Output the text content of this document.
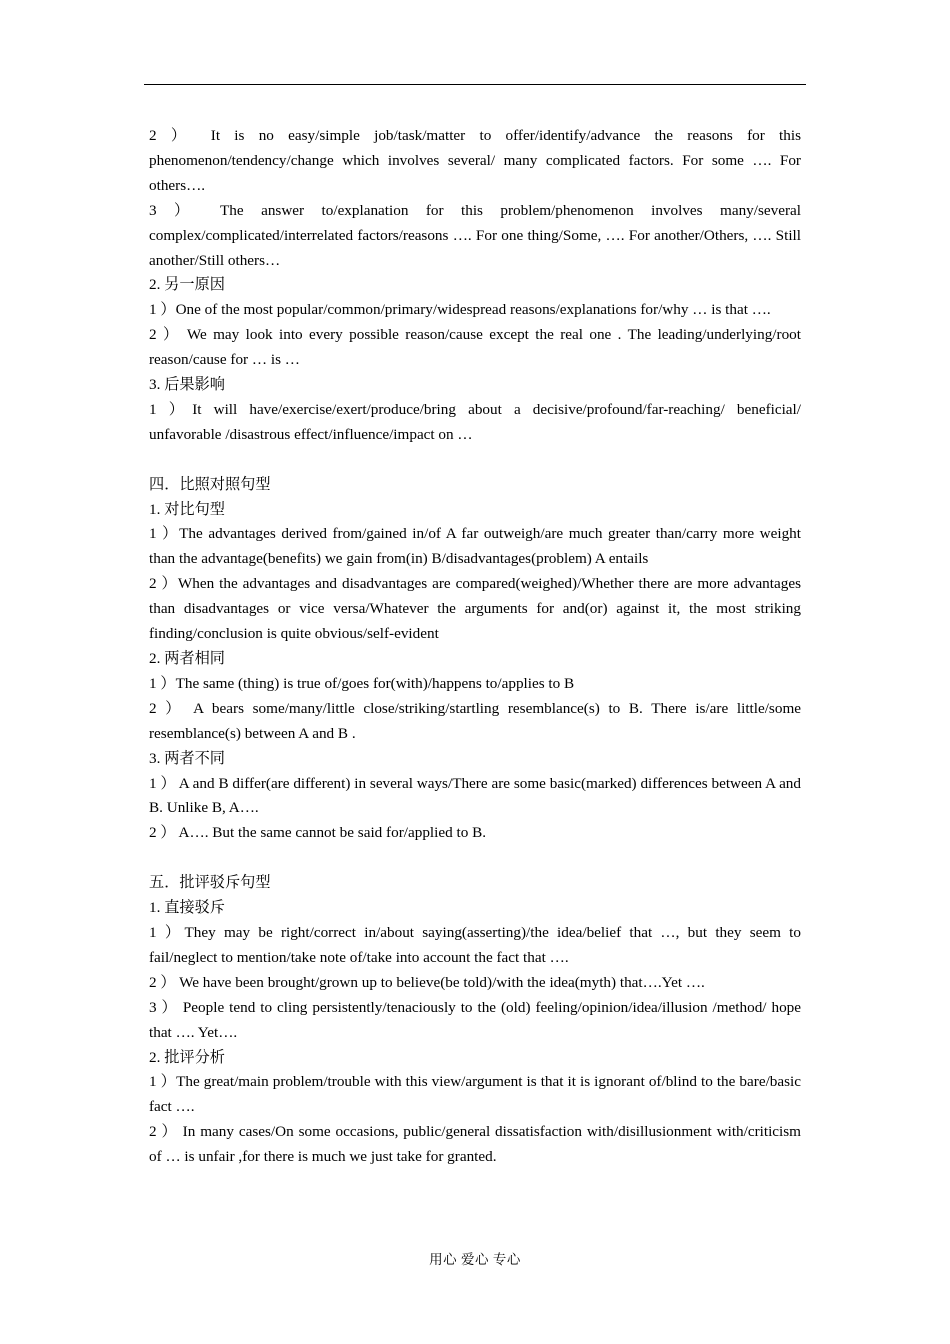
2 ） It is no easy/simple job/task/matter to offer/identify/advance the reasons for this phenomenon/tendency/change which involves several/ many complicated factors. For some …. For others….

3 ） The answer to/explanation for this problem/phenomenon involves many/several complex/complicated/interrelated factors/reasons …. For one thing/Some, …. For another/Others, …. Still another/Still others…

2. 另一原因

1 ）One of the most popular/common/primary/widespread reasons/explanations for/why … is that ….

2 ） We may look into every possible reason/cause except the real one . The leading/underlying/root reason/cause for … is …

3. 后果影响

1 ）It will have/exercise/exert/produce/bring about a decisive/profound/far-reaching/ beneficial/ unfavorable /disastrous effect/influence/impact on …

四．比照对照句型

1. 对比句型

1 ）The advantages derived from/gained in/of A far outweigh/are much greater than/carry more weight than the advantage(benefits) we gain from(in) B/disadvantages(problem) A entails

2 ）When the advantages and disadvantages are compared(weighed)/Whether there are more advantages than disadvantages or vice versa/Whatever the arguments for and(or) against it, the most striking finding/conclusion is quite obvious/self-evident

2. 两者相同

1 ）The same (thing) is true of/goes for(with)/happens to/applies to B

2 ） A bears some/many/little close/striking/startling resemblance(s) to B. There is/are little/some resemblance(s) between A and B .

3. 两者不同

1 ） A and B differ(are different) in several ways/There are some basic(marked) differences between A and B. Unlike B, A….

2 ） A…. But the same cannot be said for/applied to B.

五．批评驳斥句型

1. 直接驳斥

1 ）They may be right/correct in/about saying(asserting)/the idea/belief that …, but they seem to fail/neglect to mention/take note of/take into account the fact that ….

2 ） We have been brought/grown up to believe(be told)/with the idea(myth) that….Yet ….

3 ） People tend to cling persistently/tenaciously to the (old) feeling/opinion/idea/illusion /method/ hope that …. Yet….

2. 批评分析

1 ）The great/main problem/trouble with this view/argument is that it is ignorant of/blind to the bare/basic fact ….

2 ） In many cases/On some occasions, public/general dissatisfaction with/disillusionment with/criticism of … is unfair ,for there is much we just take for granted.

用心 爱心 专心
